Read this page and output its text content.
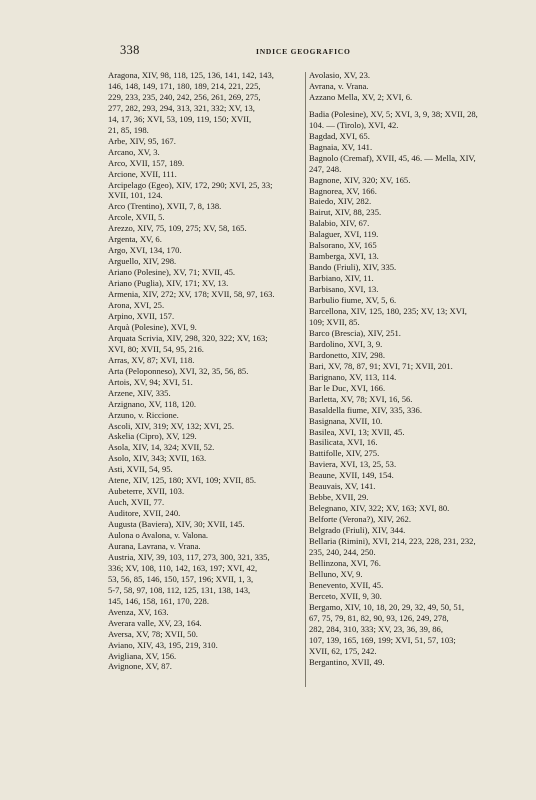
338	INDICE GEOGRAFICO
Aragona, XIV, 98, 118, 125, 136, 141, 142, 143,
146, 148, 149, 171, 180, 189, 214, 221, 225,
229, 233, 235, 240, 242, 256, 261, 269, 275,
277, 282, 293, 294, 313, 321, 332; XV, 13,
14, 17, 36; XVI, 53, 109, 119, 150; XVII,
21, 85, 198.
Arbe, XIV, 95, 167.
Arcano, XV, 3.
Arco, XVII, 157, 189.
Arcione, XVII, 111.
Arcipelago (Egeo), XIV, 172, 290; XVI, 25, 33;
XVII, 101, 124.
Arco (Trentino), XVII, 7, 8, 138.
Arcole, XVII, 5.
Arezzo, XIV, 75, 109, 275; XV, 58, 165.
Argenta, XV, 6.
Argo, XVI, 134, 170.
Arguello, XIV, 298.
Ariano (Polesine), XV, 71; XVII, 45.
Ariano (Puglia), XIV, 171; XV, 13.
Armenia, XIV, 272; XV, 178; XVII, 58, 97, 163.
Arona, XVI, 25.
Arpino, XVII, 157.
Arquà (Polesine), XVI, 9.
Arquata Scrivia, XIV, 298, 320, 322; XV, 163;
XVI, 80; XVII, 54, 95, 216.
Arras, XV, 87; XVI, 118.
Arta (Peloponneso), XVI, 32, 35, 56, 85.
Artois, XV, 94; XVI, 51.
Arzene, XIV, 335.
Arzignano, XV, 118, 120.
Arzuno, v. Riccione.
Ascoli, XIV, 319; XV, 132; XVI, 25.
Askelia (Cipro), XV, 129.
Asola, XIV, 14, 324; XVII, 52.
Asolo, XIV, 343; XVII, 163.
Asti, XVII, 54, 95.
Atene, XIV, 125, 180; XVI, 109; XVII, 85.
Aubeterre, XVII, 103.
Auch, XVII, 77.
Auditore, XVII, 240.
Augusta (Baviera), XIV, 30; XVII, 145.
Aulona o Avalona, v. Valona.
Aurana, Lavrana, v. Vrana.
Austria, XIV, 39, 103, 117, 273, 300, 321, 335,
336; XV, 108, 110, 142, 163, 197; XVI, 42,
53, 56, 85, 146, 150, 157, 196; XVII, 1, 3,
5-7, 58, 97, 108, 112, 125, 131, 138, 143,
145, 146, 158, 161, 170, 228.
Avenza, XV, 163.
Averara valle, XV, 23, 164.
Aversa, XV, 78; XVII, 50.
Aviano, XIV, 43, 195, 219, 310.
Avigliana, XV, 156.
Avignone, XV, 87.
Avolasio, XV, 23.
Avrana, v. Vrana.
Azzano Mella, XV, 2; XVI, 6.
Badia (Polesine), XV, 5; XVI, 3, 9, 38; XVII, 28,
104. — (Tirolo), XVI, 42.
Bagdad, XVI, 65.
Bagnaia, XV, 141.
Bagnolo (Cremaf), XVII, 45, 46. — Mella, XIV,
247, 248.
Bagnone, XIV, 320; XV, 165.
Bagnorea, XV, 166.
Baiedo, XIV, 282.
Bairut, XIV, 88, 235.
Balabio, XIV, 67.
Balaguer, XVI, 119.
Balsorano, XV, 165
Bamberga, XVI, 13.
Bando (Friuli), XIV, 335.
Barbiano, XIV, 11.
Barbisano, XVI, 13.
Barbulio fiume, XV, 5, 6.
Barcellona, XIV, 125, 180, 235; XV, 13; XVI,
109; XVII, 85.
Barco (Brescia), XIV, 251.
Bardolino, XVI, 3, 9.
Bardonetto, XIV, 298.
Bari, XV, 78, 87, 91; XVI, 71; XVII, 201.
Barignano, XV, 113, 114.
Bar le Duc, XVI, 166.
Barletta, XV, 78; XVI, 16, 56.
Basaldella fiume, XIV, 335, 336.
Basignana, XVII, 10.
Basilea, XVI, 13; XVII, 45.
Basilicata, XVI, 16.
Battifolle, XIV, 275.
Baviera, XVI, 13, 25, 53.
Beaune, XVII, 149, 154.
Beauvais, XV, 141.
Bebbe, XVII, 29.
Belegnano, XIV, 322; XV, 163; XVI, 80.
Belforte (Verona?), XIV, 262.
Belgrado (Friuli), XIV, 344.
Bellaria (Rimini), XVI, 214, 223, 228, 231, 232,
235, 240, 244, 250.
Bellinzona, XVI, 76.
Belluno, XV, 9.
Benevento, XVII, 45.
Berceto, XVII, 9, 30.
Bergamo, XIV, 10, 18, 20, 29, 32, 49, 50, 51,
67, 75, 79, 81, 82, 90, 93, 126, 249, 278,
282, 284, 310, 333; XV, 23, 36, 39, 86,
107, 139, 165, 169, 199; XVI, 51, 57, 103;
XVII, 62, 175, 242.
Bergantino, XVII, 49.
